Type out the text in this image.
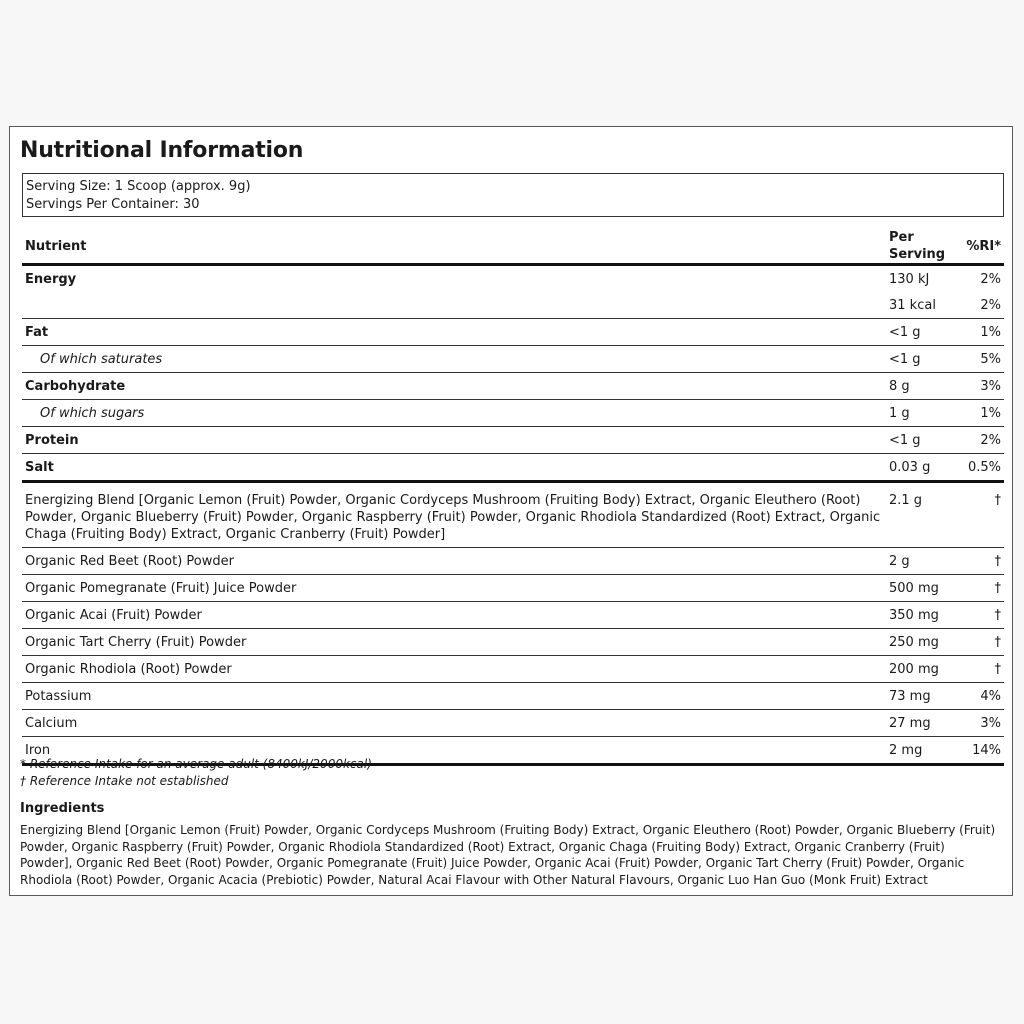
Nutritional Information
Serving Size: 1 Scoop (approx. 9g)
Servings Per Container: 30
Nutrient	Per Serving	%RI*
Energy	130 kJ	2%
	31 kcal	2%
Fat	<1 g	1%
Of which saturates	<1 g	5%
Carbohydrate	8 g	3%
Of which sugars	1 g	1%
Protein	<1 g	2%
Salt	0.03 g	0.5%
Energizing Blend [Organic Lemon (Fruit) Powder, Organic Cordyceps Mushroom (Fruiting Body) Extract, Organic Eleuthero (Root) Powder, Organic Blueberry (Fruit) Powder, Organic Raspberry (Fruit) Powder, Organic Rhodiola Standardized (Root) Extract, Organic Chaga (Fruiting Body) Extract, Organic Cranberry (Fruit) Powder]	2.1 g	†
Organic Red Beet (Root) Powder	2 g	†
Organic Pomegranate (Fruit) Juice Powder	500 mg	†
Organic Acai (Fruit) Powder	350 mg	†
Organic Tart Cherry (Fruit) Powder	250 mg	†
Organic Rhodiola (Root) Powder	200 mg	†
Potassium	73 mg	4%
Calcium	27 mg	3%
Iron	2 mg	14%
* Reference Intake for an average adult (8400kJ/2000kcal)
† Reference Intake not established
Ingredients
Energizing Blend [Organic Lemon (Fruit) Powder, Organic Cordyceps Mushroom (Fruiting Body) Extract, Organic Eleuthero (Root) Powder, Organic Blueberry (Fruit) Powder, Organic Raspberry (Fruit) Powder, Organic Rhodiola Standardized (Root) Extract, Organic Chaga (Fruiting Body) Extract, Organic Cranberry (Fruit) Powder], Organic Red Beet (Root) Powder, Organic Pomegranate (Fruit) Juice Powder, Organic Acai (Fruit) Powder, Organic Tart Cherry (Fruit) Powder, Organic Rhodiola (Root) Powder, Organic Acacia (Prebiotic) Powder, Natural Acai Flavour with Other Natural Flavours, Organic Luo Han Guo (Monk Fruit) Extract
